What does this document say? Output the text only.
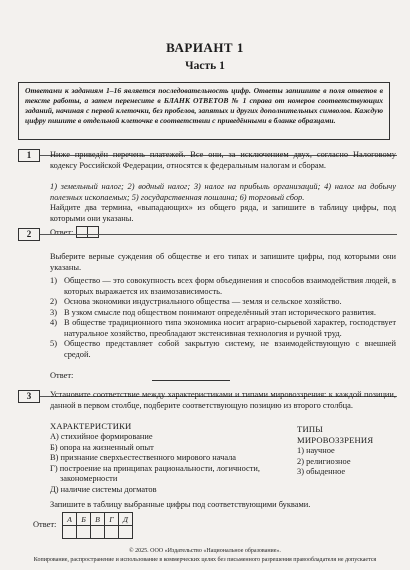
ВАРИАНТ 1
Часть 1
Ответами к заданиям 1–16 является последовательность цифр. Ответы запишите в поля ответов в тексте работы, а затем перенесите в БЛАНК ОТВЕТОВ № 1 справа от номеров соответствующих заданий, начиная с первой клеточки, без пробелов, запятых и других дополнительных символов. Каждую цифру пишите в отдельной клеточке в соответствии с приведёнными в бланке образцами.
1	Ниже приведён перечень платежей. Все они, за исключением двух, согласно Налоговому кодексу Российской Федерации, относятся к федеральным налогам и сборам.
1) земельный налог; 2) водный налог; 3) налог на прибыль организаций; 4) налог на добычу полезных ископаемых; 5) государственная пошлина; 6) торговый сбор.
Найдите два термина, «выпадающих» из общего ряда, и запишите в таблицу цифры, под которыми они указаны.
Ответ:
2
Выберите верные суждения об обществе и его типах и запишите цифры, под которыми они указаны.
1) Общество — это совокупность всех форм объединения и способов взаимодействия людей, в которых выражается их взаимозависимость.
2) Основа экономики индустриального общества — земля и сельское хозяйство.
3) В узком смысле под обществом понимают определённый этап исторического развития.
4) В обществе традиционного типа экономика носит аграрно-сырьевой характер, господствует натуральное хозяйство, преобладают экстенсивная технология и ручной труд.
5) Общество представляет собой закрытую систему, не взаимодействующую с внешней средой.
Ответ:
3	Установите соответствие между характеристиками и типами мировоззрения: к каждой позиции, данной в первом столбце, подберите соответствующую позицию из второго столбца.
ХАРАКТЕРИСТИКИ
А) стихийное формирование
Б) опора на жизненный опыт
В) признание сверхъестественного мирового начала
Г) построение на принципах рациональности, логичности, закономерности
Д) наличие системы догматов
ТИПЫ
МИРОВОЗЗРЕНИЯ
1) научное
2) религиозное
3) обыденное
Запишите в таблицу выбранные цифры под соответствующими буквами.
Ответ:
А	Б	В	Г	Д

© 2025. ООО «Издательство «Национальное образование».
Копирование, распространение и использование в коммерческих целях без письменного разрешения правообладателя не допускается
